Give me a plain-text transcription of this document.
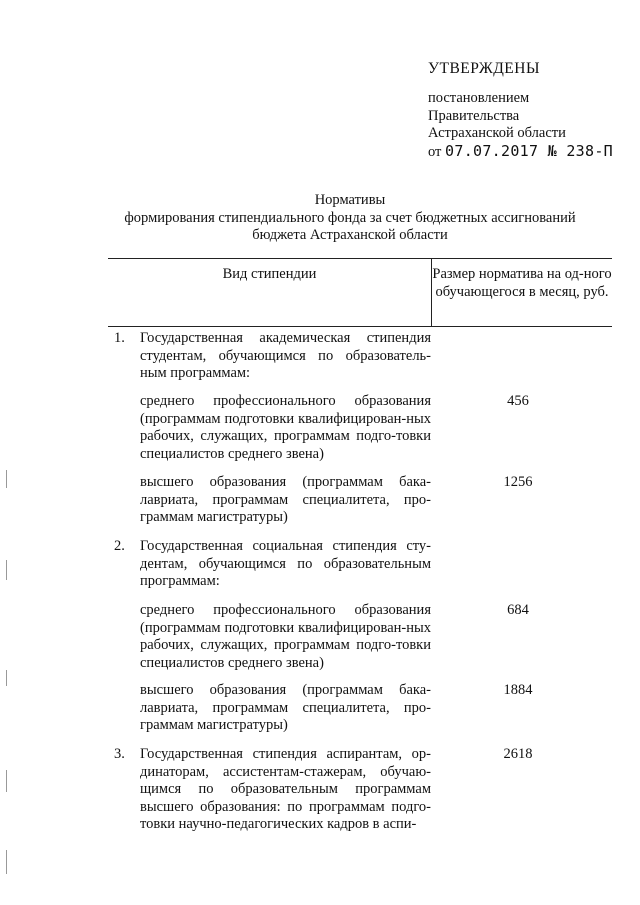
УТВЕРЖДЕНЫ
постановлением
Правительства
Астраханской области
от 07.07.2017 № 238-П
Нормативы
формирования стипендиального фонда за счет бюджетных ассигнований
бюджета Астраханской области
Вид стипендии	Размер норматива на од-ного обучающегося в месяц, руб.
1. Государственная академическая стипендия студентам, обучающимся по образователь-ным программам:
среднего профессионального образования (программам подготовки квалифицирован-ных рабочих, служащих, программам подго-товки специалистов среднего звена)
456
высшего образования (программам бака-лавриата, программам специалитета, про-граммам магистратуры)
1256
2. Государственная социальная стипендия сту-дентам, обучающимся по образовательным программам:
среднего профессионального образования (программам подготовки квалифицирован-ных рабочих, служащих, программам подго-товки специалистов среднего звена)
684
высшего образования (программам бака-лавриата, программам специалитета, про-граммам магистратуры)
1884
3. Государственная стипендия аспирантам, ор-динаторам, ассистентам-стажерам, обучаю-щимся по образовательным программам высшего образования: по программам подго-товки научно-педагогических кадров в аспи-
2618
